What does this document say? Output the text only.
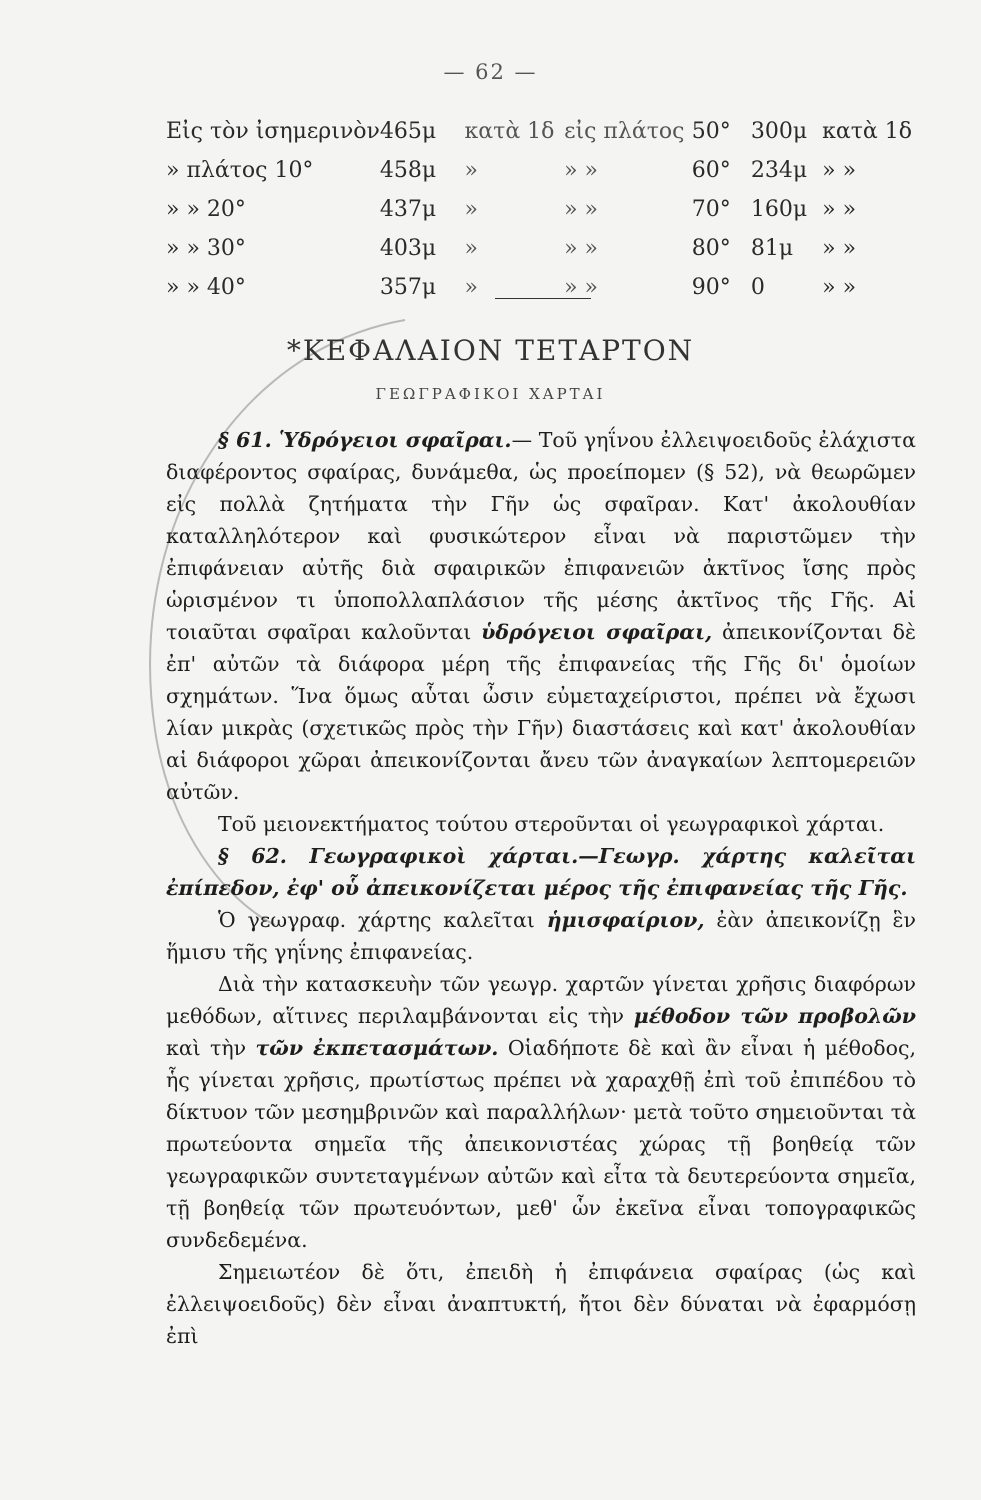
— 62 —
Εἰς τὸν ἰσημερινὸν	465μ	κατὰ 1δ	εἰς πλάτος	50°	300μ	κατὰ 1δ
» πλάτος 10°	458μ	»	» »	60°	234μ	» »
» » 20°	437μ	»	» »	70°	160μ	» »
» » 30°	403μ	»	» »	80°	81μ	» »
» » 40°	357μ	»	» »	90°	0	» »
*ΚΕΦΑΛΑΙΟΝ ΤΕΤΑΡΤΟΝ
ΓΕΩΓΡΑΦΙΚΟΙ ΧΑΡΤΑΙ

§ 61. Ὑδρόγειοι σφαῖραι.— Τοῦ γηΐνου ἐλλειψοειδοῦς ἐλάχιστα διαφέροντος σφαίρας, δυνάμεθα, ὡς προείπομεν (§ 52), νὰ θεωρῶμεν εἰς πολλὰ ζητήματα τὴν Γῆν ὡς σφαῖραν. Κατ' ἀκολουθίαν καταλληλότερον καὶ φυσικώτερον εἶναι νὰ παριστῶμεν τὴν ἐπιφάνειαν αὐτῆς διὰ σφαιρικῶν ἐπιφανειῶν ἀκτῖνος ἴσης πρὸς ὡρισμένον τι ὑποπολλαπλάσιον τῆς μέσης ἀκτῖνος τῆς Γῆς. Αἱ τοιαῦται σφαῖραι καλοῦνται ὑδρόγειοι σφαῖραι, ἀπεικονίζονται δὲ ἐπ' αὐτῶν τὰ διάφορα μέρη τῆς ἐπιφανείας τῆς Γῆς δι' ὁμοίων σχημάτων. Ἵνα ὅμως αὗται ὦσιν εὐμεταχείριστοι, πρέπει νὰ ἔχωσι λίαν μικρὰς (σχετικῶς πρὸς τὴν Γῆν) διαστάσεις καὶ κατ' ἀκολουθίαν αἱ διάφοροι χῶραι ἀπεικονίζονται ἄνευ τῶν ἀναγκαίων λεπτομερειῶν αὐτῶν.

Τοῦ μειονεκτήματος τούτου στεροῦνται οἱ γεωγραφικοὶ χάρται.

§ 62. Γεωγραφικοὶ χάρται.—Γεωγρ. χάρτης καλεῖται ἐπίπεδον, ἐφ' οὗ ἀπεικονίζεται μέρος τῆς ἐπιφανείας τῆς Γῆς.

Ὁ γεωγραφ. χάρτης καλεῖται ἡμισφαίριον, ἐὰν ἀπεικονίζῃ ἓν ἥμισυ τῆς γηΐνης ἐπιφανείας.

Διὰ τὴν κατασκευὴν τῶν γεωγρ. χαρτῶν γίνεται χρῆσις διαφόρων μεθόδων, αἵτινες περιλαμβάνονται εἰς τὴν μέθοδον τῶν προβολῶν καὶ τὴν τῶν ἐκπετασμάτων. Οἱαδήποτε δὲ καὶ ἂν εἶναι ἡ μέθοδος, ἧς γίνεται χρῆσις, πρωτίστως πρέπει νὰ χαραχθῇ ἐπὶ τοῦ ἐπιπέδου τὸ δίκτυον τῶν μεσημβρινῶν καὶ παραλλήλων· μετὰ τοῦτο σημειοῦνται τὰ πρωτεύοντα σημεῖα τῆς ἀπεικονιστέας χώρας τῇ βοηθείᾳ τῶν γεωγραφικῶν συντεταγμένων αὐτῶν καὶ εἶτα τὰ δευτερεύοντα σημεῖα, τῇ βοηθείᾳ τῶν πρωτευόντων, μεθ' ὧν ἐκεῖνα εἶναι τοπογραφικῶς συνδεδεμένα.

Σημειωτέον δὲ ὅτι, ἐπειδὴ ἡ ἐπιφάνεια σφαίρας (ὡς καὶ ἐλλειψοειδοῦς) δὲν εἶναι ἀναπτυκτή, ἤτοι δὲν δύναται νὰ ἐφαρμόσῃ ἐπὶ
